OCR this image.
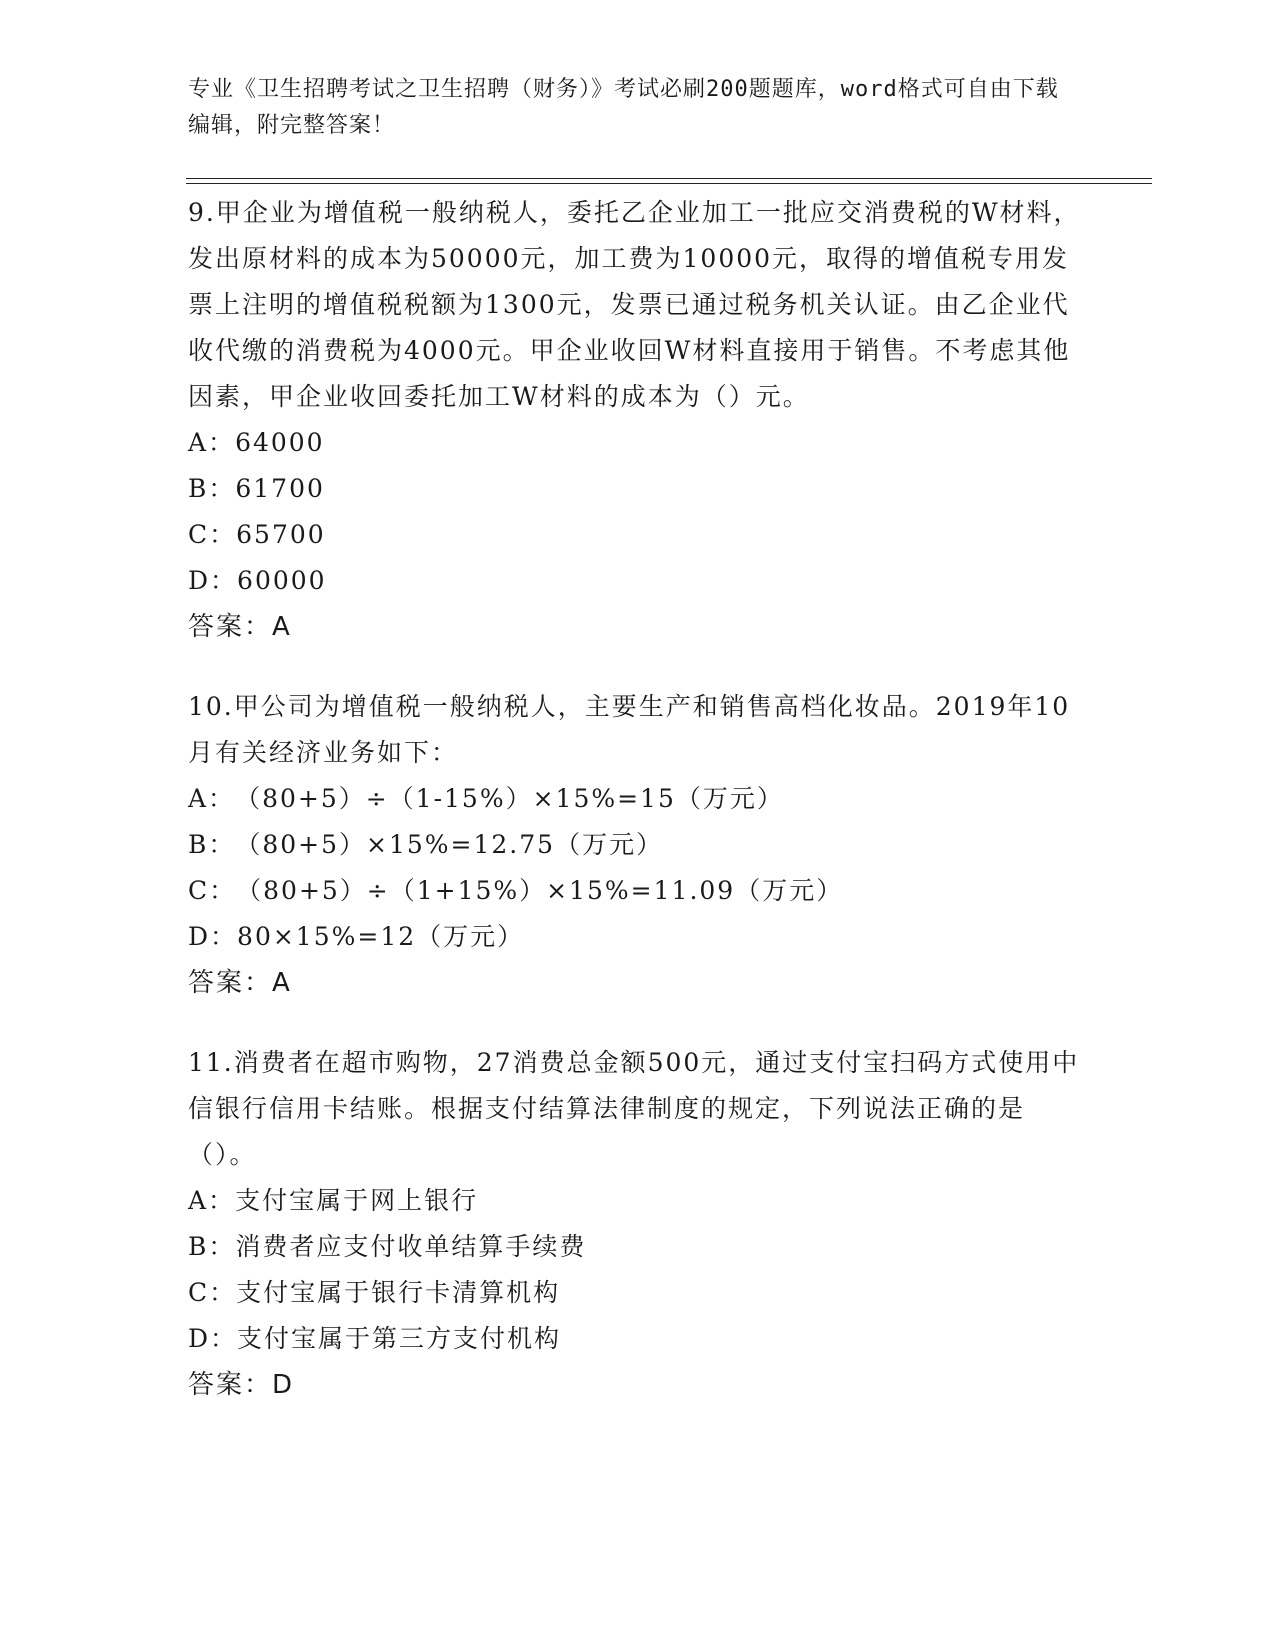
专业《卫生招聘考试之卫生招聘（财务）》考试必刷200题题库，word格式可自由下载编辑，附完整答案！

9.甲企业为增值税一般纳税人，委托乙企业加工一批应交消费税的W材料，发出原材料的成本为50000元，加工费为10000元，取得的增值税专用发票上注明的增值税税额为1300元，发票已通过税务机关认证。由乙企业代收代缴的消费税为4000元。甲企业收回W材料直接用于销售。不考虑其他因素，甲企业收回委托加工W材料的成本为（）元。

A：64000

B：61700

C：65700

D：60000

答案：A

10.甲公司为增值税一般纳税人，主要生产和销售高档化妆品。2019年10月有关经济业务如下：

A：（80+5）÷（1-15%）×15%=15（万元）

B：（80+5）×15%=12.75（万元）

C：（80+5）÷（1+15%）×15%=11.09（万元）

D：80×15%=12（万元）

答案：A

11.消费者在超市购物，27消费总金额500元，通过支付宝扫码方式使用中信银行信用卡结账。根据支付结算法律制度的规定，下列说法正确的是（）。

A：支付宝属于网上银行

B：消费者应支付收单结算手续费

C：支付宝属于银行卡清算机构

D：支付宝属于第三方支付机构

答案：D
